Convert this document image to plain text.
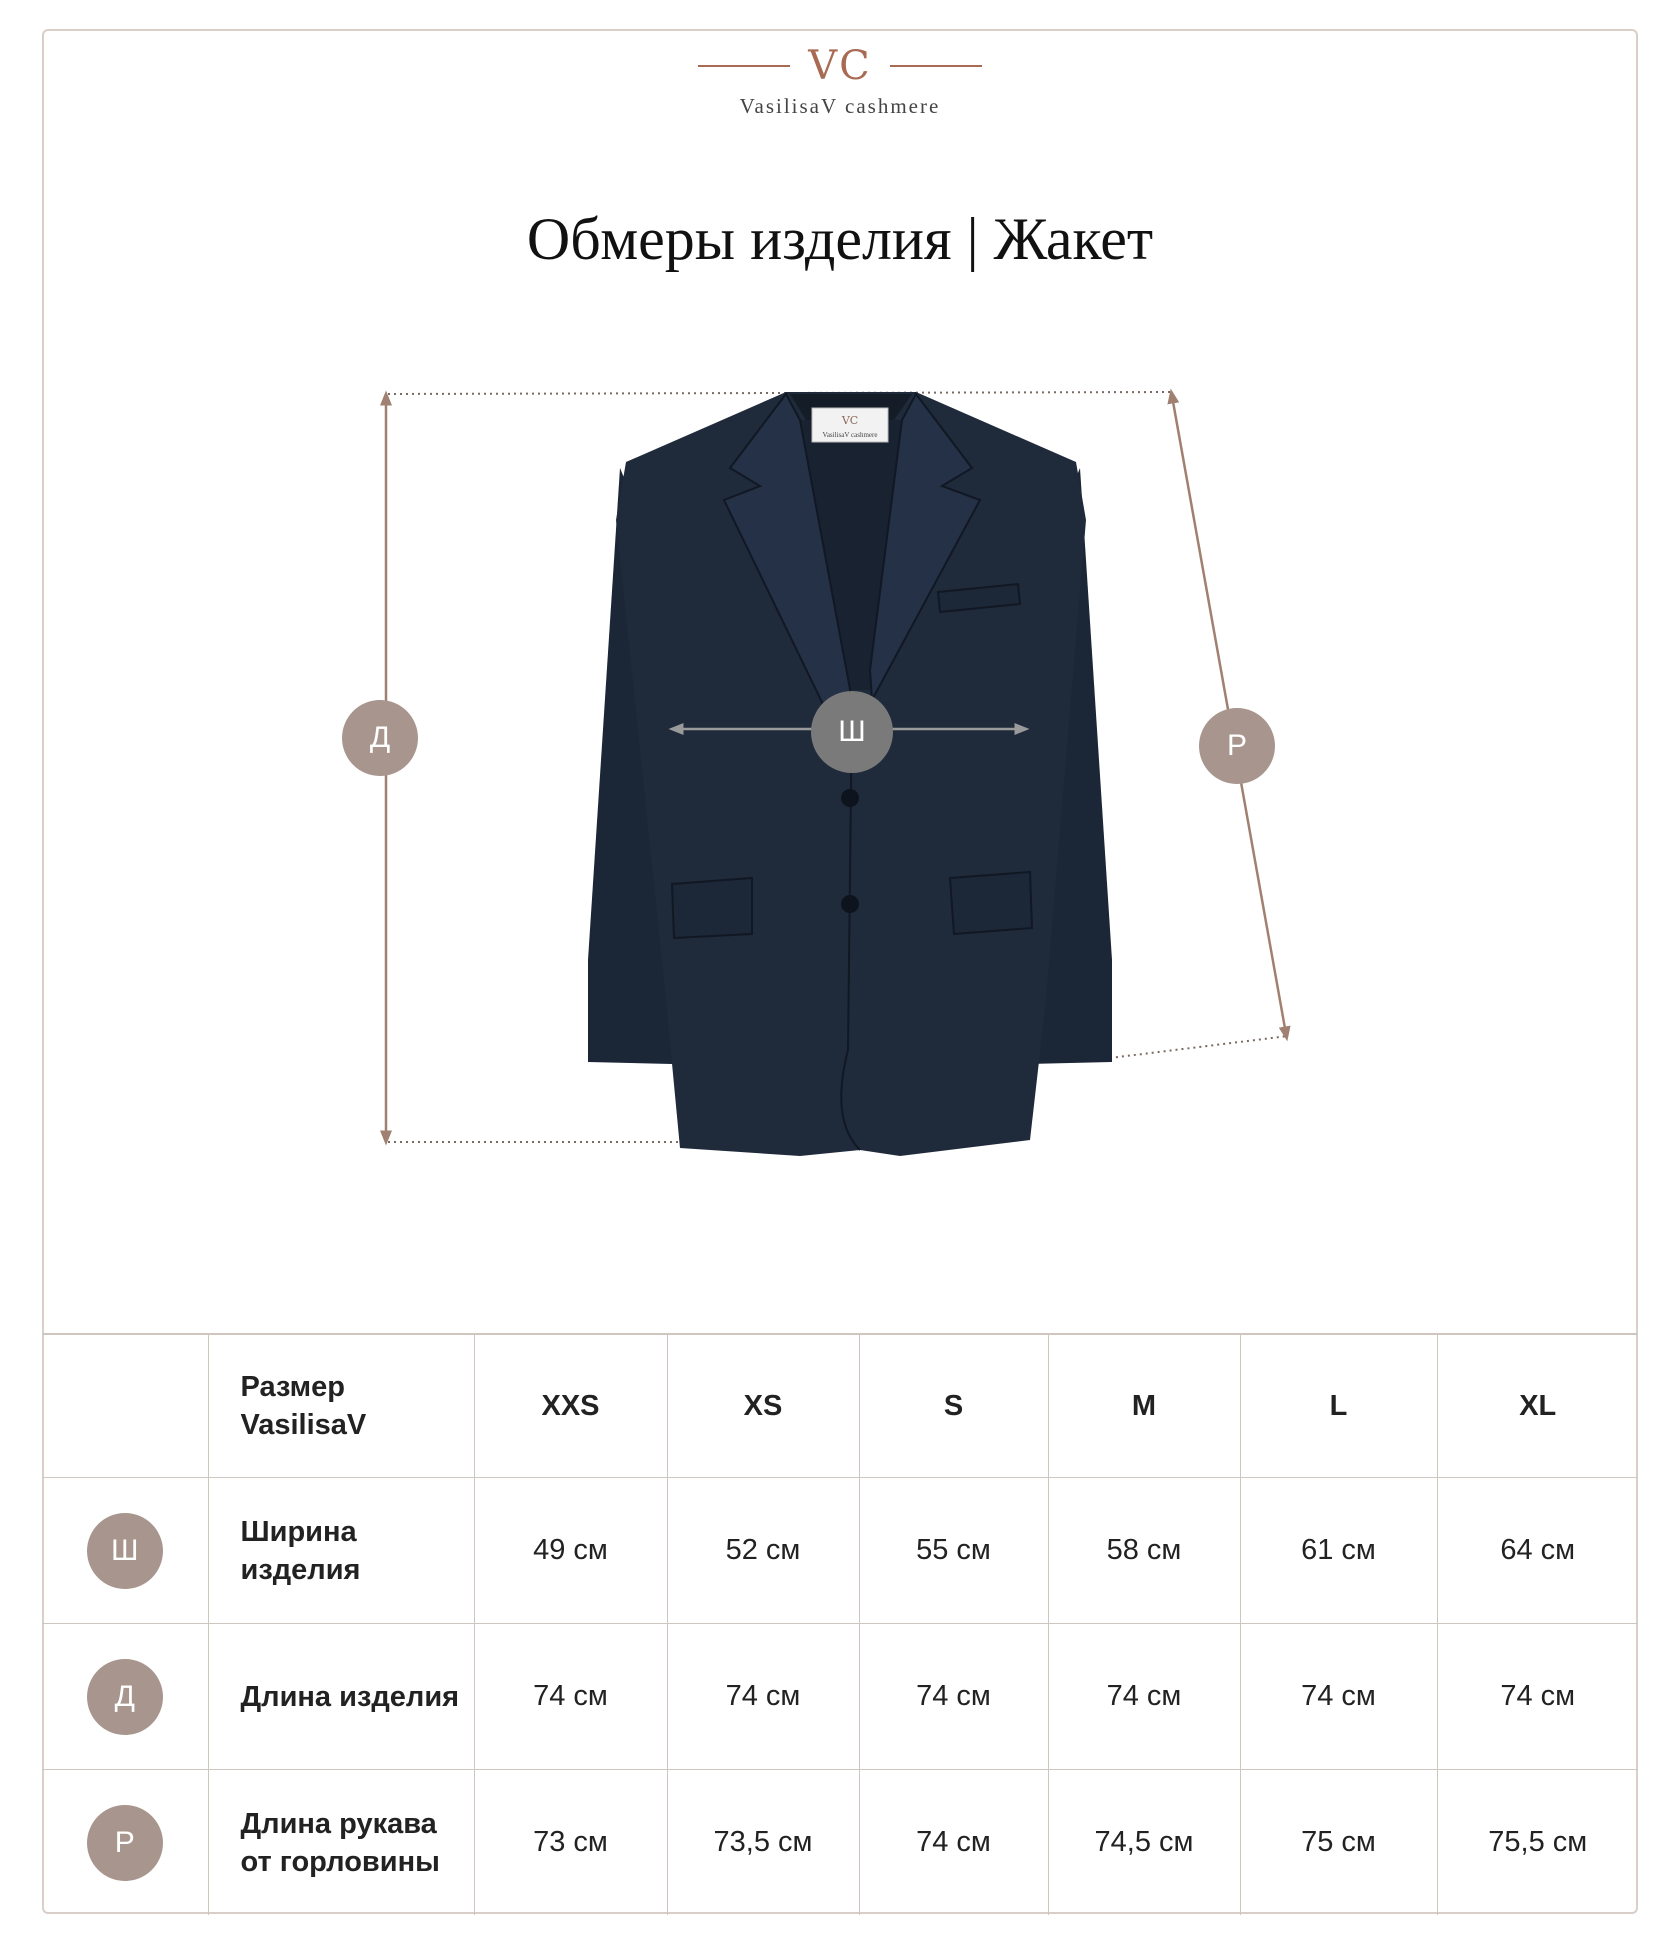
VC
VasilisaV cashmere
Обмеры изделия | Жакет
VC
VasilisaV cashmere
Д	Ш	Р
	Размер VasilisaV	XXS	XS	S	M	L	XL

Ш	Ширина изделия	49 см	52 см	55 см	58 см	61 см	64 см

Д	Длина изделия	74 см	74 см	74 см	74 см	74 см	74 см

Р	Длина рукава от горловины	73 см	73,5 см	74 см	74,5 см	75 см	75,5 см
